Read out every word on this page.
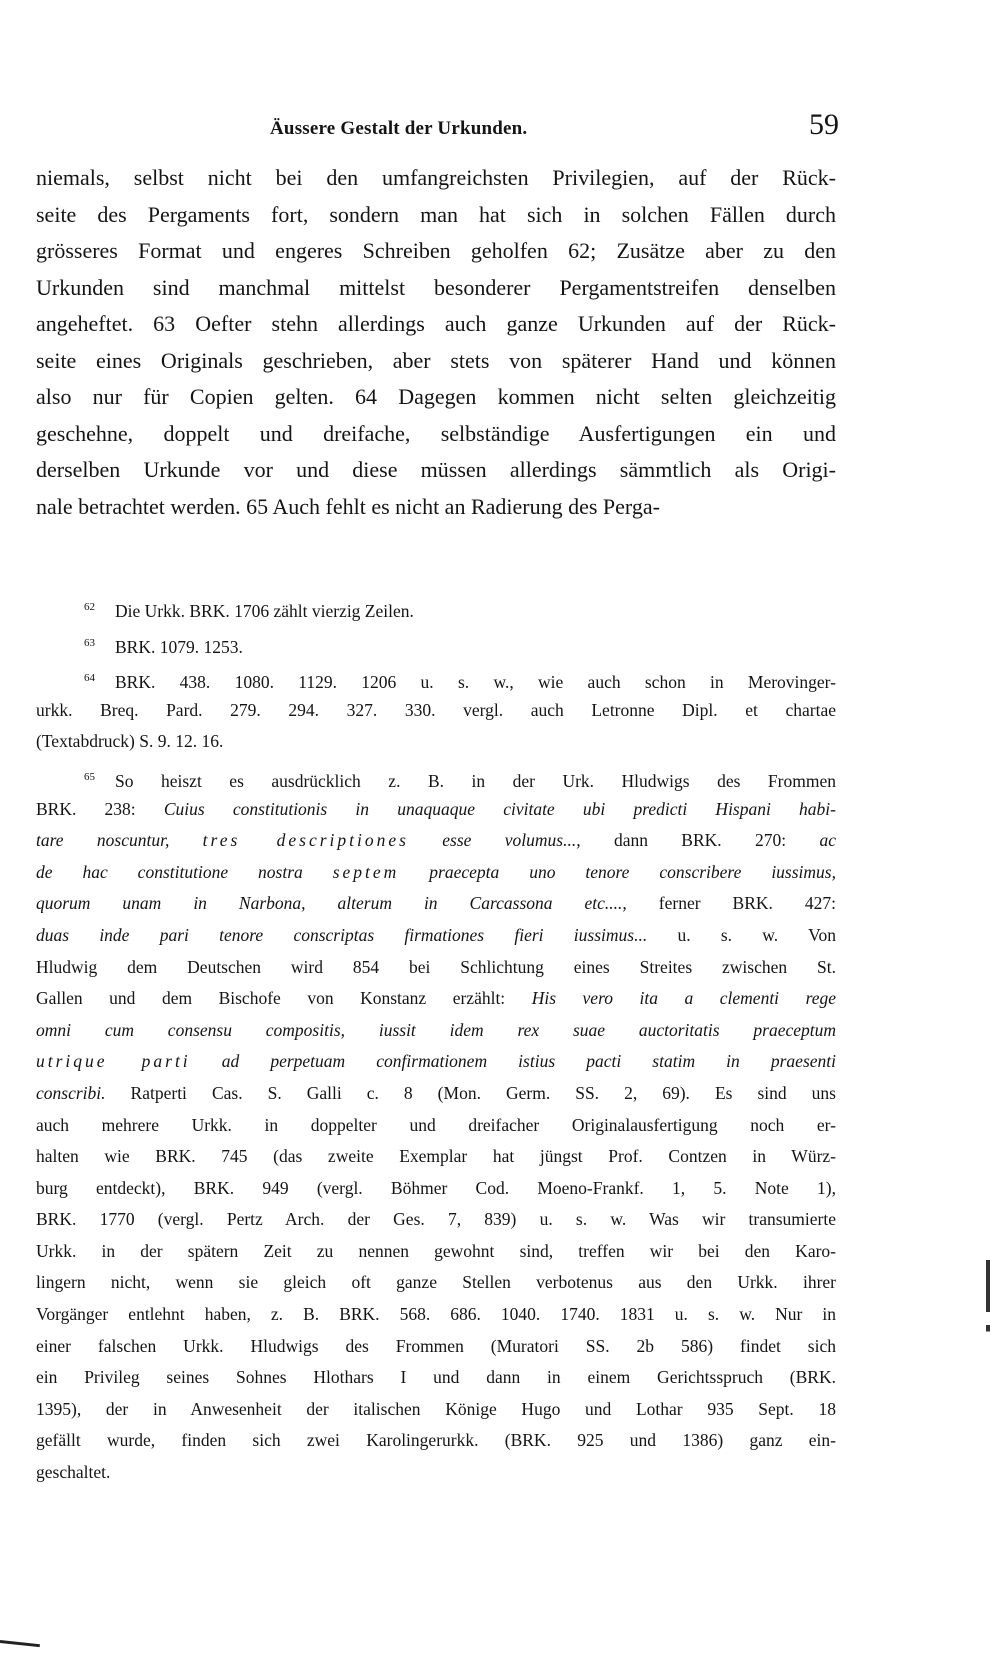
Äussere Gestalt der Urkunden.	59
niemals, selbst nicht bei den umfangreichsten Privilegien, auf der Rück-
seite des Pergaments fort, sondern man hat sich in solchen Fällen durch
grösseres Format und engeres Schreiben geholfen 62; Zusätze aber zu den
Urkunden sind manchmal mittelst besonderer Pergamentstreifen denselben
angeheftet. 63 Oefter stehn allerdings auch ganze Urkunden auf der Rück-
seite eines Originals geschrieben, aber stets von späterer Hand und können
also nur für Copien gelten. 64 Dagegen kommen nicht selten gleichzeitig
geschehne, doppelt und dreifache, selbständige Ausfertigungen ein und
derselben Urkunde vor und diese müssen allerdings sämmtlich als Origi-
nale betrachtet werden. 65 Auch fehlt es nicht an Radierung des Perga-
$^{62}$ Die Urkk. BRK. 1706 zählt vierzig Zeilen.
$^{63}$ BRK. 1079. 1253.
$^{64}$ BRK. 438. 1080. 1129. 1206 u. s. w., wie auch schon in Merovinger-
urkk. Breq. Pard. 279. 294. 327. 330. vergl. auch Letronne Dipl. et chartae
(Textabdruck) S. 9. 12. 16.
$^{65}$ So heiszt es ausdrücklich z. B. in der Urk. Hludwigs des Frommen
BRK. 238: Cuius constitutionis in unaquaque civitate ubi predicti Hispani habi-
tare noscuntur, tres descriptiones esse volumus..., dann BRK. 270: ac
de hac constitutione nostra septem praecepta uno tenore conscribere iussimus,
quorum unam in Narbona, alterum in Carcassona etc...., ferner BRK. 427:
duas inde pari tenore conscriptas firmationes fieri iussimus... u. s. w. Von
Hludwig dem Deutschen wird 854 bei Schlichtung eines Streites zwischen St.
Gallen und dem Bischofe von Konstanz erzählt: His vero ita a clementi rege
omni cum consensu compositis, iussit idem rex suae auctoritatis praeceptum
utrique parti ad perpetuam confirmationem istius pacti statim in praesenti
conscribi. Ratperti Cas. S. Galli c. 8 (Mon. Germ. SS. 2, 69). Es sind uns
auch mehrere Urkk. in doppelter und dreifacher Originalausfertigung noch er-
halten wie BRK. 745 (das zweite Exemplar hat jüngst Prof. Contzen in Würz-
burg entdeckt), BRK. 949 (vergl. Böhmer Cod. Moeno-Frankf. 1, 5. Note 1),
BRK. 1770 (vergl. Pertz Arch. der Ges. 7, 839) u. s. w. Was wir transumierte
Urkk. in der spätern Zeit zu nennen gewohnt sind, treffen wir bei den Karo-
lingern nicht, wenn sie gleich oft ganze Stellen verbotenus aus den Urkk. ihrer
Vorgänger entlehnt haben, z. B. BRK. 568. 686. 1040. 1740. 1831 u. s. w. Nur in
einer falschen Urkk. Hludwigs des Frommen (Muratori SS. 2b 586) findet sich
ein Privileg seines Sohnes Hlothars I und dann in einem Gerichtsspruch (BRK.
1395), der in Anwesenheit der italischen Könige Hugo und Lothar 935 Sept. 18
gefällt wurde, finden sich zwei Karolingerurkk. (BRK. 925 und 1386) ganz ein-
geschaltet.
